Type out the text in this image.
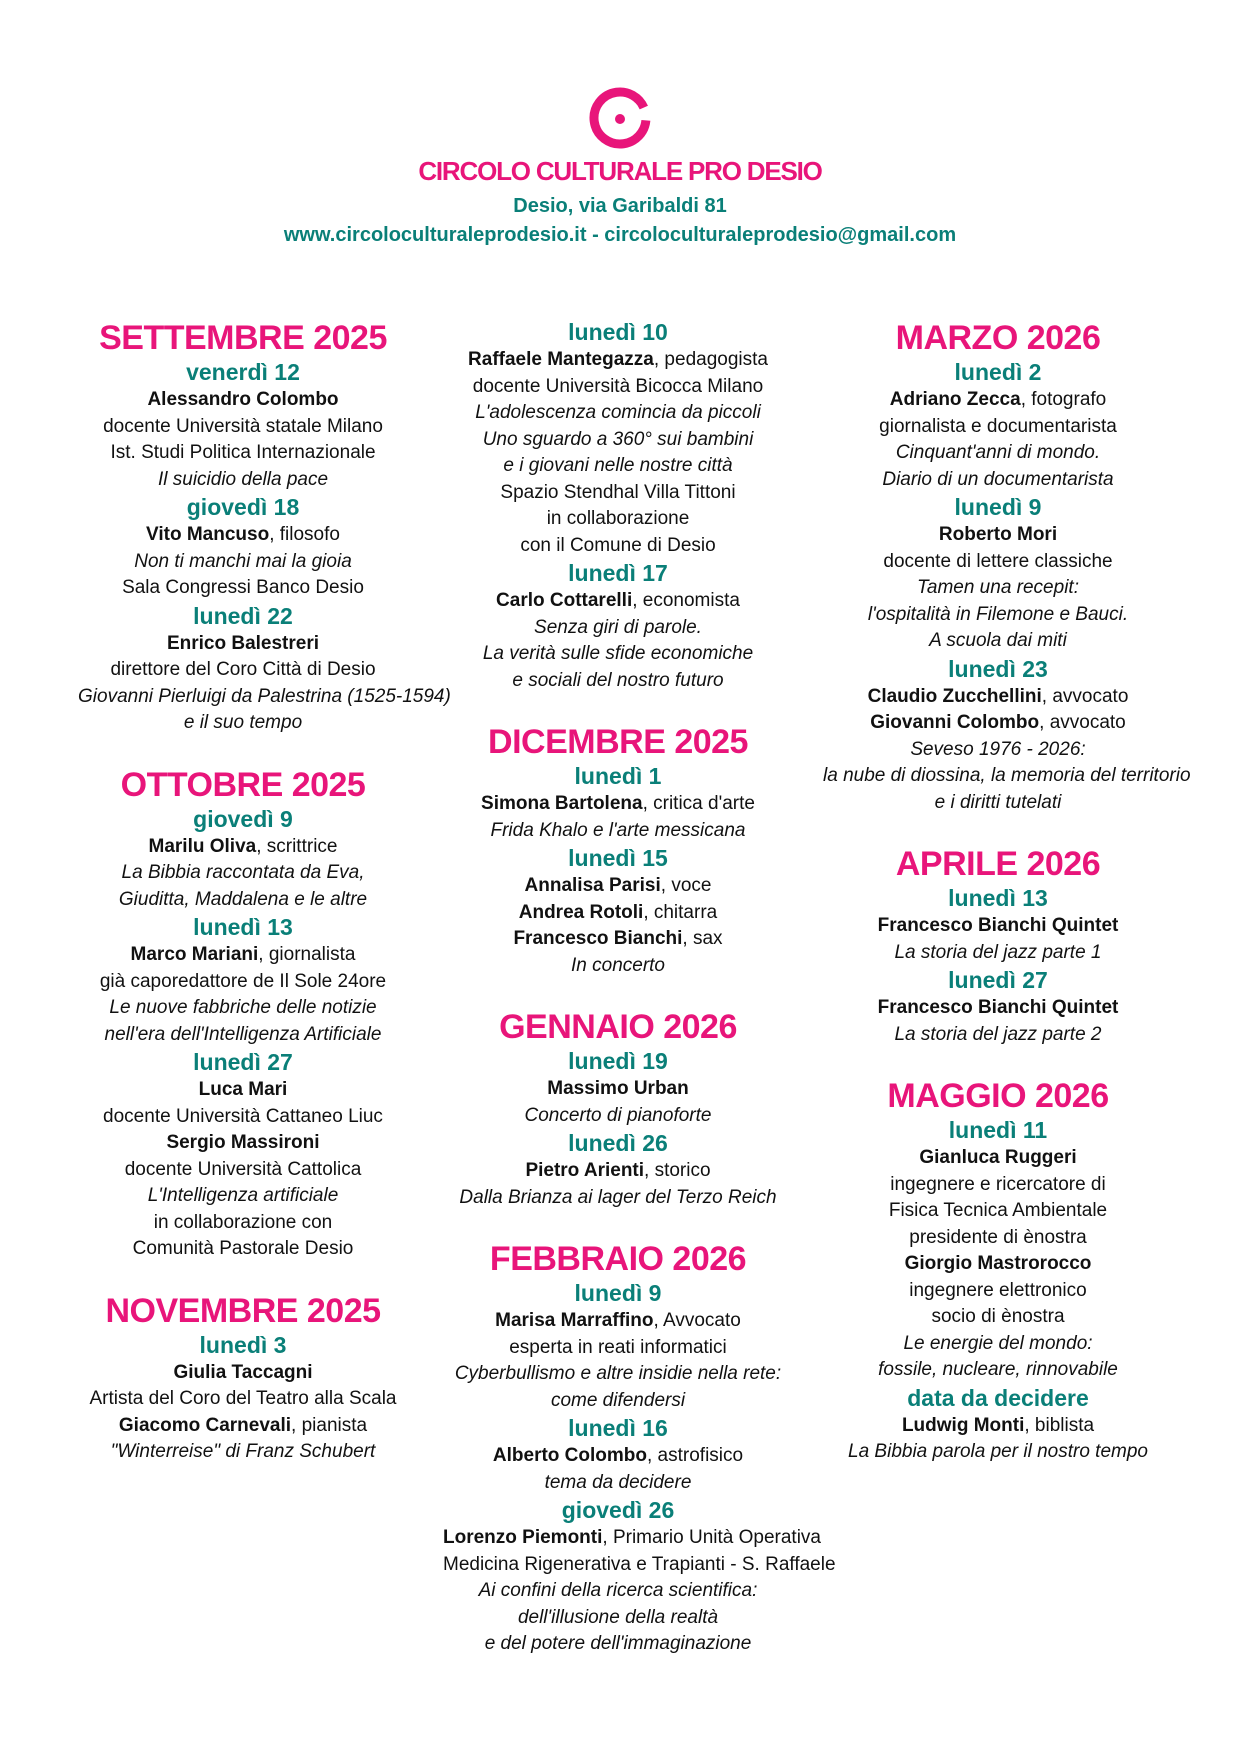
CIRCOLO CULTURALE PRO DESIO
Desio, via Garibaldi 81
www.circoloculturaleprodesio.it - circoloculturaleprodesio@gmail.com
SETTEMBRE 2025
venerdì 12
Alessandro Colombo
docente Università statale Milano
Ist. Studi Politica Internazionale
Il suicidio della pace
giovedì 18
Vito Mancuso, filosofo
Non ti manchi mai la gioia
Sala Congressi Banco Desio
lunedì 22
Enrico Balestreri
direttore del Coro Città di Desio
Giovanni Pierluigi da Palestrina (1525-1594)
e il suo tempo
OTTOBRE 2025
giovedì 9
Marilu Oliva, scrittrice
La Bibbia raccontata da Eva,
Giuditta, Maddalena e le altre
lunedì 13
Marco Mariani, giornalista
già caporedattore de Il Sole 24ore
Le nuove fabbriche delle notizie
nell'era dell'Intelligenza Artificiale
lunedì 27
Luca Mari
docente Università Cattaneo Liuc
Sergio Massironi
docente Università Cattolica
L'Intelligenza artificiale
in collaborazione con
Comunità Pastorale Desio
NOVEMBRE 2025
lunedì 3
Giulia Taccagni
Artista del Coro del Teatro alla Scala
Giacomo Carnevali, pianista
"Winterreise" di Franz Schubert
lunedì 10
Raffaele Mantegazza, pedagogista
docente Università Bicocca Milano
L'adolescenza comincia da piccoli
Uno sguardo a 360° sui bambini
e i giovani nelle nostre città
Spazio Stendhal Villa Tittoni
in collaborazione
con il Comune di Desio
lunedì 17
Carlo Cottarelli, economista
Senza giri di parole.
La verità sulle sfide economiche
e sociali del nostro futuro
DICEMBRE 2025
lunedì 1
Simona Bartolena, critica d'arte
Frida Khalo e l'arte messicana
lunedì 15
Annalisa Parisi, voce
Andrea Rotoli, chitarra
Francesco Bianchi, sax
In concerto
GENNAIO 2026
lunedì 19
Massimo Urban
Concerto di pianoforte
lunedì 26
Pietro Arienti, storico
Dalla Brianza ai lager del Terzo Reich
FEBBRAIO 2026
lunedì 9
Marisa Marraffino, Avvocato
esperta in reati informatici
Cyberbullismo e altre insidie nella rete:
come difendersi
lunedì 16
Alberto Colombo, astrofisico
tema da decidere
giovedì 26
Lorenzo Piemonti, Primario Unità Operativa
Medicina Rigenerativa e Trapianti - S. Raffaele
Ai confini della ricerca scientifica:
dell'illusione della realtà
e del potere dell'immaginazione
MARZO 2026
lunedì 2
Adriano Zecca, fotografo
giornalista e documentarista
Cinquant'anni di mondo.
Diario di un documentarista
lunedì 9
Roberto Mori
docente di lettere classiche
Tamen una recepit:
l'ospitalità in Filemone e Bauci.
A scuola dai miti
lunedì 23
Claudio Zucchellini, avvocato
Giovanni Colombo, avvocato
Seveso 1976 - 2026:
la nube di diossina, la memoria del territorio
e i diritti tutelati
APRILE 2026
lunedì 13
Francesco Bianchi Quintet
La storia del jazz parte 1
lunedì 27
Francesco Bianchi Quintet
La storia del jazz parte 2
MAGGIO 2026
lunedì 11
Gianluca Ruggeri
ingegnere e ricercatore di
Fisica Tecnica Ambientale
presidente di ènostra
Giorgio Mastrorocco
ingegnere elettronico
socio di ènostra
Le energie del mondo:
fossile, nucleare, rinnovabile
data da decidere
Ludwig Monti, biblista
La Bibbia parola per il nostro tempo
